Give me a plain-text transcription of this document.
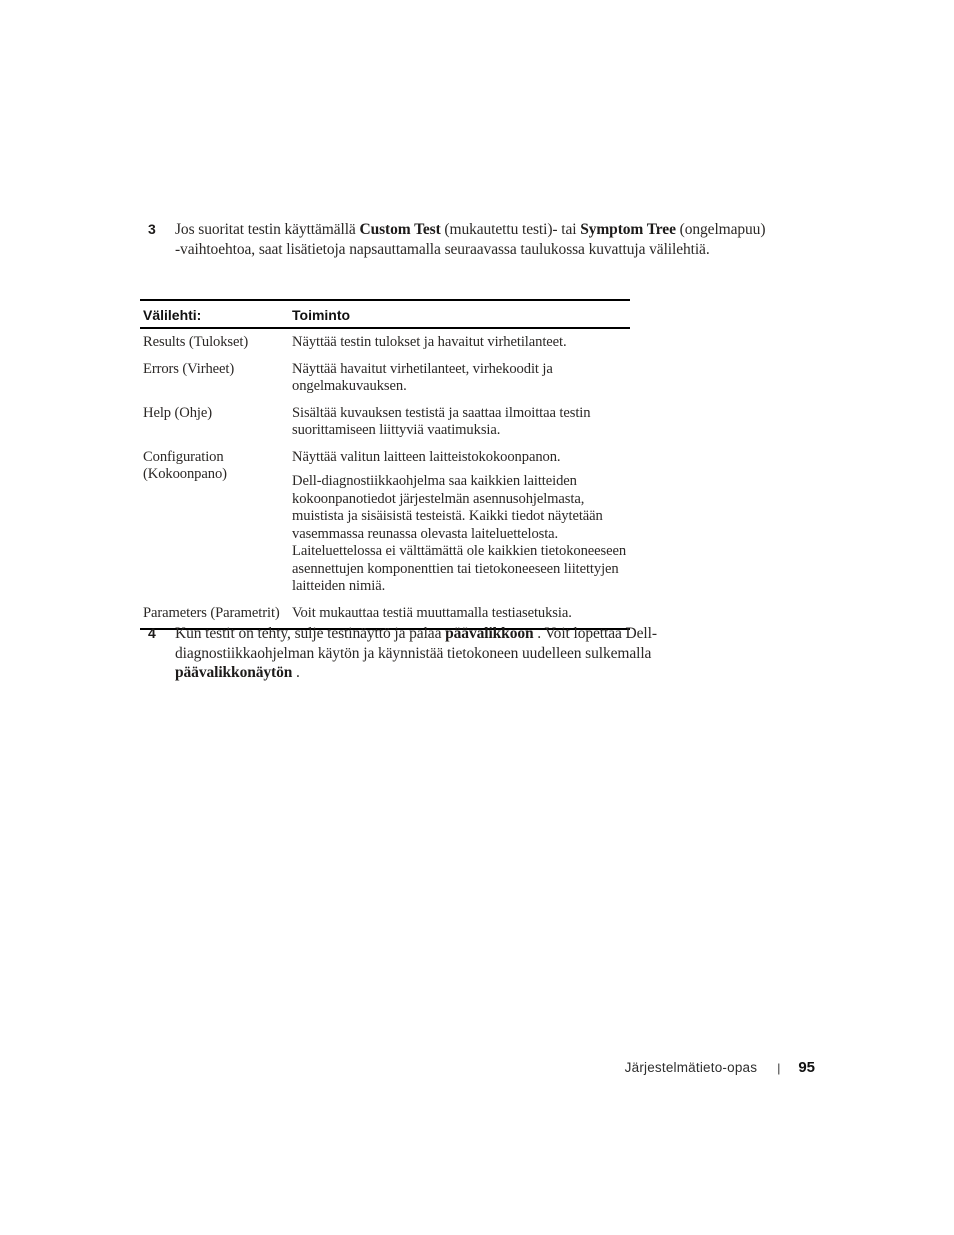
3	Jos suoritat testin käyttämällä Custom Test (mukautettu testi)- tai Symptom Tree (ongelmapuu) -vaihtoehtoa, saat lisätietoja napsauttamalla seuraavassa taulukossa kuvattuja välilehtiä.
Välilehti:	Toiminto
Results (Tulokset)	Näyttää testin tulokset ja havaitut virhetilanteet.

Errors (Virheet)	Näyttää havaitut virhetilanteet, virhekoodit ja ongelmakuvauksen.

Help (Ohje)	Sisältää kuvauksen testistä ja saattaa ilmoittaa testin suorittamiseen liittyviä vaatimuksia.

Configuration (Kokoonpano)	Näyttää valitun laitteen laitteistokokoonpanon.

Dell-diagnostiikkaohjelma saa kaikkien laitteiden kokoonpanotiedot järjestelmän asennusohjelmasta, muistista ja sisäisistä testeistä. Kaikki tiedot näytetään vasemmassa reunassa olevasta laiteluettelosta. Laiteluettelossa ei välttämättä ole kaikkien tietokoneeseen asennettujen komponenttien tai tietokoneeseen liitettyjen laitteiden nimiä.

Parameters (Parametrit)	Voit mukauttaa testiä muuttamalla testiasetuksia.

4	Kun testit on tehty, sulje testinäyttö ja palaa päävalikkoon . Voit lopettaa Dell-diagnostiikkaohjelman käytön ja käynnistää tietokoneen uudelleen sulkemalla päävalikkonäytön .
Järjestelmätieto-opas | 95
